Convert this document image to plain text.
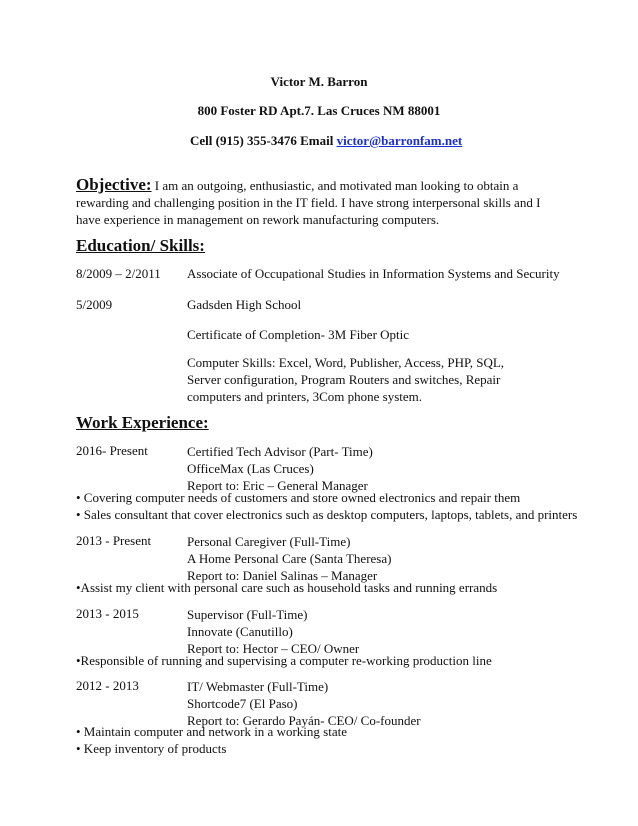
Victor M. Barron
800 Foster RD Apt.7. Las Cruces NM 88001
Cell (915) 355-3476 Email victor@barronfam.net
Objective: I am an outgoing, enthusiastic, and motivated man looking to obtain a rewarding and challenging position in the IT field. I have strong interpersonal skills and I have experience in management on rework manufacturing computers.
Education/ Skills:
8/2009 – 2/2011 Associate of Occupational Studies in Information Systems and Security
5/2009	Gadsden High School
Certificate of Completion- 3M Fiber Optic
Computer Skills: Excel, Word, Publisher, Access, PHP, SQL, Server configuration, Program Routers and switches, Repair computers and printers, 3Com phone system.
Work Experience:
2016- Present	Certified Tech Advisor (Part- Time)
OfficeMax (Las Cruces)
Report to: Eric – General Manager
• Covering computer needs of customers and store owned electronics and repair them
• Sales consultant that cover electronics such as desktop computers, laptops, tablets, and printers
2013 - Present	Personal Caregiver (Full-Time)
A Home Personal Care (Santa Theresa)
Report to: Daniel Salinas – Manager
•Assist my client with personal care such as household tasks and running errands
2013 - 2015	Supervisor (Full-Time)
Innovate (Canutillo)
Report to: Hector – CEO/ Owner
•Responsible of running and supervising a computer re-working production line
2012 - 2013	IT/ Webmaster (Full-Time)
Shortcode7 (El Paso)
Report to: Gerardo Payán- CEO/ Co-founder
• Maintain computer and network in a working state
• Keep inventory of products
